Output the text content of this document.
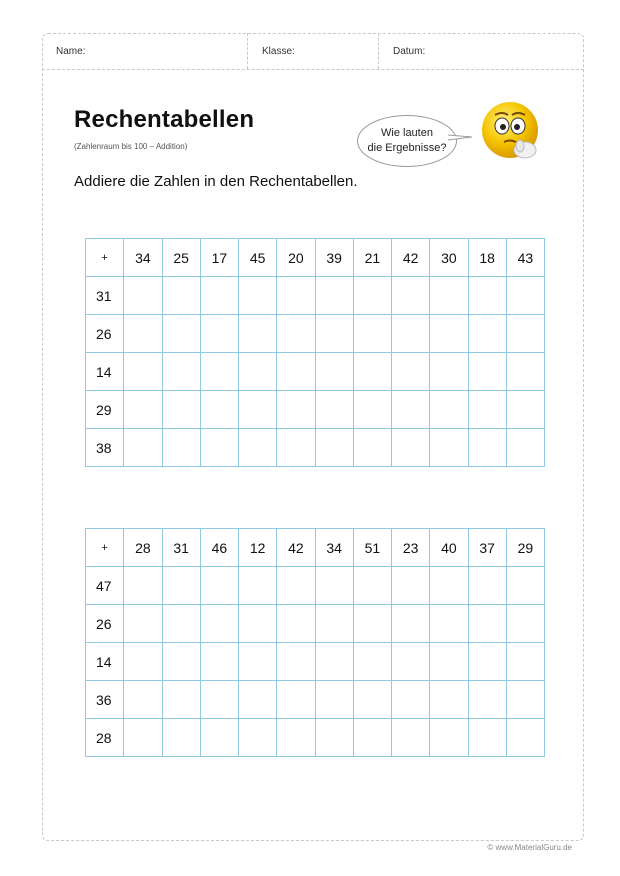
Name:	Klasse:	Datum:
Rechentabellen
(Zahlenraum bis 100 – Addition)
Addiere die Zahlen in den Rechentabellen.
Wie lauten
die Ergebnisse?
+	34	25	17	45	20	39	21	42	30	18	43
31											
26											
14											
29											
38											
+	28	31	46	12	42	34	51	23	40	37	29
47											
26											
14											
36											
28											
© www.MaterialGuru.de
